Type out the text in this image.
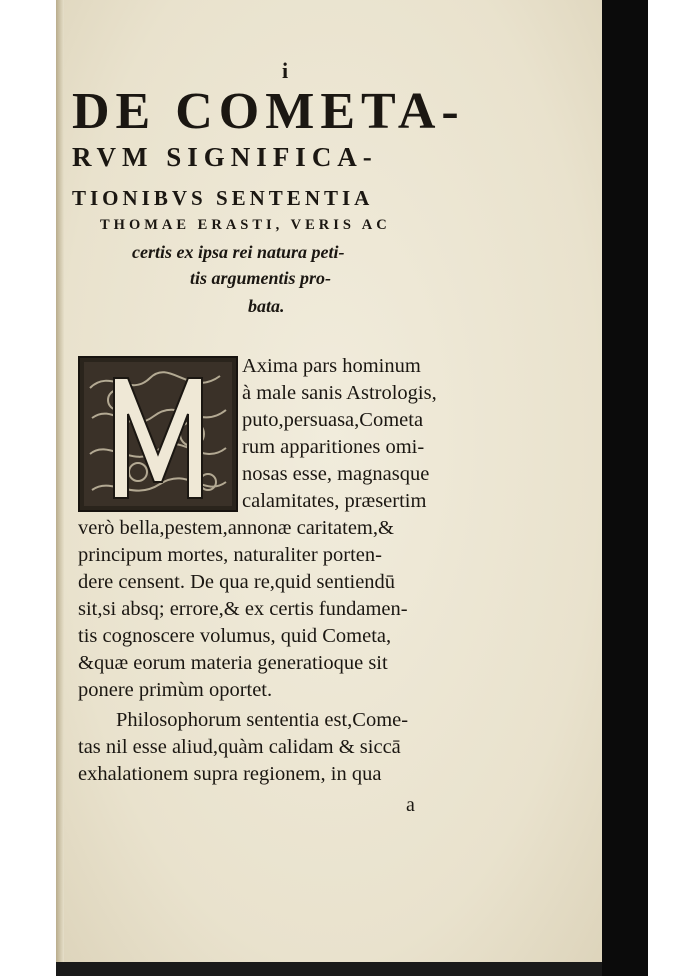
i
DE COMETA-
RVM SIGNIFICA-
TIONIBVS SENTENTIA
THOMAE ERASTI, VERIS AC
certis ex ipsa rei natura peti-
tis argumentis pro-
bata.
Axima pars hominum
à male sanis Astrologis,
puto,persuasa,Cometa
rum apparitiones omi-
nosas esse, magnasque
calamitates, præsertim
verò bella,pestem,annonæ caritatem,&
principum mortes, naturaliter porten-
dere censent. De qua re,quid sentiendū
sit,si absq; errore,& ex certis fundamen-
tis cognoscere volumus, quid Cometa,
&quæ eorum materia generatioque sit
ponere primùm oportet.
Philosophorum sententia est,Come-
tas nil esse aliud,quàm calidam & siccā
exhalationem supra regionem, in qua
a
